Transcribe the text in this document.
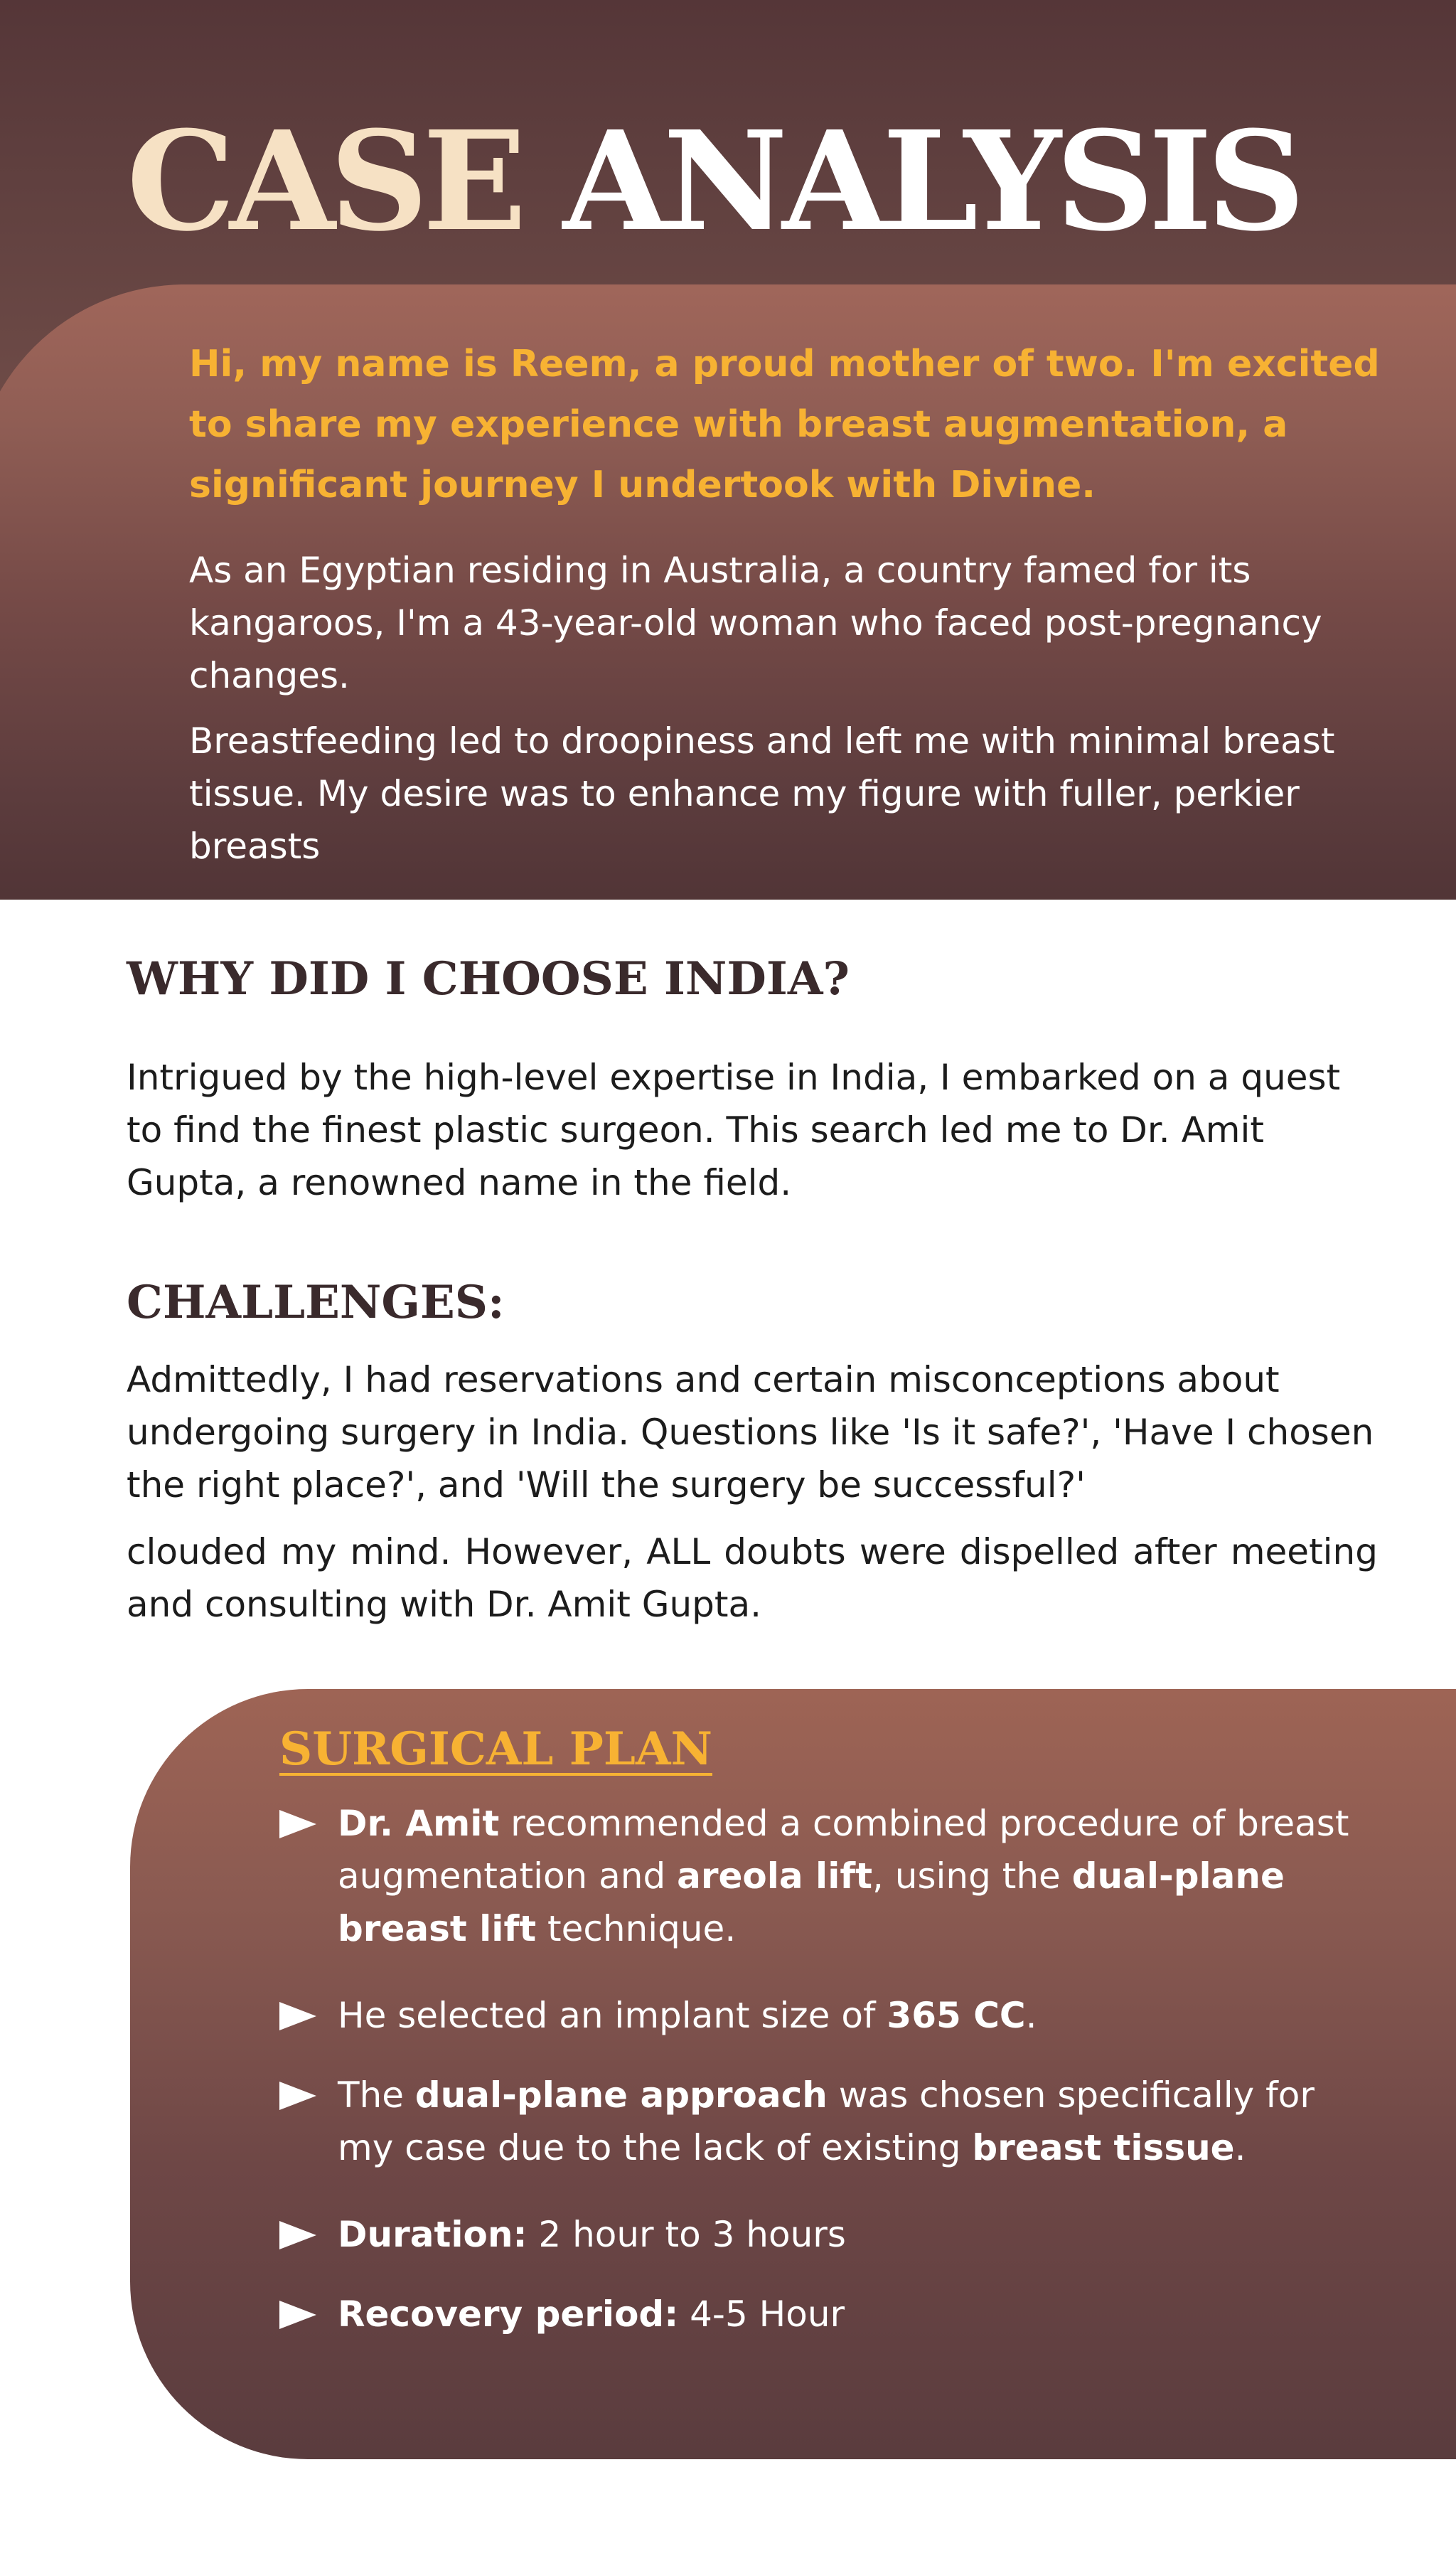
CASE ANALYSIS

Hi, my name is Reem, a proud mother of two. I'm excited to share my experience with breast augmentation, a significant journey I undertook with Divine.

As an Egyptian residing in Australia, a country famed for its kangaroos, I'm a 43-year-old woman who faced post-pregnancy changes.

Breastfeeding led to droopiness and left me with minimal breast tissue. My desire was to enhance my figure with fuller, perkier breasts

WHY DID I CHOOSE INDIA?

Intrigued by the high-level expertise in India, I embarked on a quest to find the finest plastic surgeon. This search led me to Dr. Amit Gupta, a renowned name in the field.

CHALLENGES:

Admittedly, I had reservations and certain misconceptions about undergoing surgery in India. Questions like 'Is it safe?', 'Have I chosen the right place?', and 'Will the surgery be successful?'

clouded my mind. However, ALL doubts were dispelled after meeting and consulting with Dr. Amit Gupta.

SURGICAL PLAN
Dr. Amit recommended a combined procedure of breast augmentation and areola lift, using the dual-plane breast lift technique.
He selected an implant size of 365 CC.
The dual-plane approach was chosen specifically for my case due to the lack of existing breast tissue.
Duration: 2 hour to 3 hours
Recovery period: 4-5 Hour
